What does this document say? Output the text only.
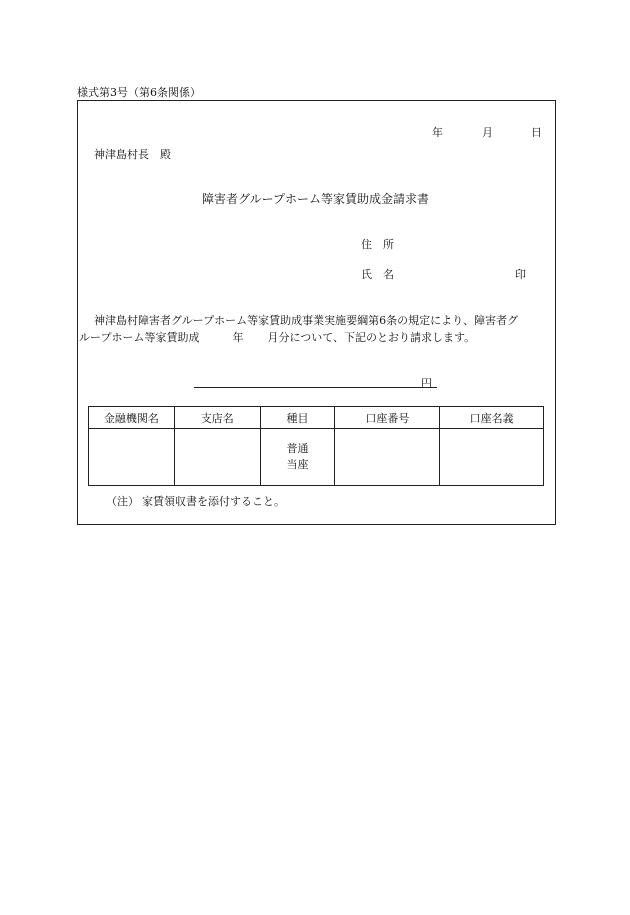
様式第3号（第6条関係）
年	月	日
神津島村長　殿
障害者グループホーム等家賃助成金請求書
住　所
氏　名	印
神津島村障害者グループホーム等家賃助成事業実施要綱第6条の規定により、障害者グ
ループホーム等家賃助成	年 月分について、下記のとおり請求します。
円
金融機関名	支店名	種目	口座番号	口座名義

		普通
当座		

（注） 家賃領収書を添付すること。
